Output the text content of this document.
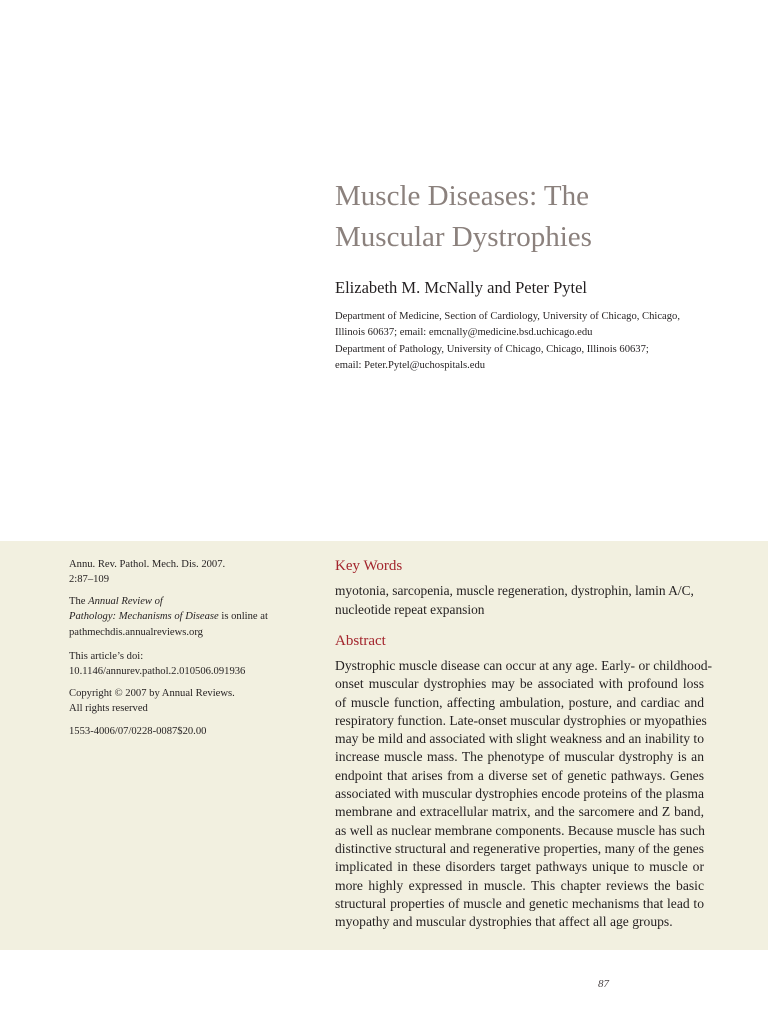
Muscle Diseases: The
Muscular Dystrophies
Elizabeth M. McNally and Peter Pytel
Department of Medicine, Section of Cardiology, University of Chicago, Chicago,
Illinois 60637; email: emcnally@medicine.bsd.uchicago.edu
Department of Pathology, University of Chicago, Chicago, Illinois 60637;
email: Peter.Pytel@uchospitals.edu
Annu. Rev. Pathol. Mech. Dis. 2007.
2:87–109
The Annual Review of
Pathology: Mechanisms of Disease is online at
pathmechdis.annualreviews.org
This article’s doi:
10.1146/annurev.pathol.2.010506.091936
Copyright © 2007 by Annual Reviews.
All rights reserved
1553-4006/07/0228-0087$20.00
Key Words
myotonia, sarcopenia, muscle regeneration, dystrophin, lamin A/C,
nucleotide repeat expansion
Abstract
Dystrophic muscle disease can occur at any age. Early- or childhood-
onset muscular dystrophies may be associated with profound loss
of muscle function, affecting ambulation, posture, and cardiac and
respiratory function. Late-onset muscular dystrophies or myopathies
may be mild and associated with slight weakness and an inability to
increase muscle mass. The phenotype of muscular dystrophy is an
endpoint that arises from a diverse set of genetic pathways. Genes
associated with muscular dystrophies encode proteins of the plasma
membrane and extracellular matrix, and the sarcomere and Z band,
as well as nuclear membrane components. Because muscle has such
distinctive structural and regenerative properties, many of the genes
implicated in these disorders target pathways unique to muscle or
more highly expressed in muscle. This chapter reviews the basic
structural properties of muscle and genetic mechanisms that lead to
myopathy and muscular dystrophies that affect all age groups.
87
